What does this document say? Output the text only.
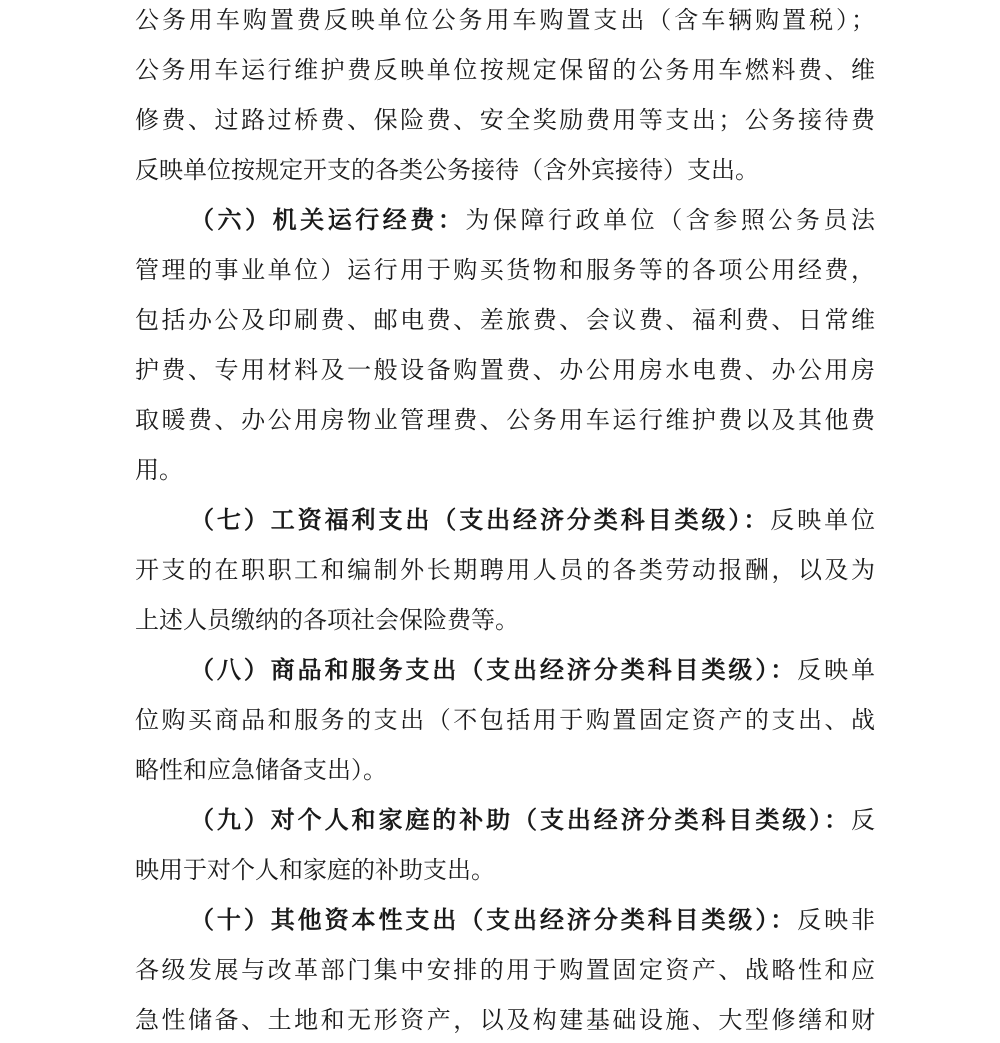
公务用车购置费反映单位公务用车购置支出（含车辆购置税）；
公务用车运行维护费反映单位按规定保留的公务用车燃料费、维
修费、过路过桥费、保险费、安全奖励费用等支出；公务接待费
反映单位按规定开支的各类公务接待（含外宾接待）支出。
（六）机关运行经费：为保障行政单位（含参照公务员法
管理的事业单位）运行用于购买货物和服务等的各项公用经费，
包括办公及印刷费、邮电费、差旅费、会议费、福利费、日常维
护费、专用材料及一般设备购置费、办公用房水电费、办公用房
取暖费、办公用房物业管理费、公务用车运行维护费以及其他费
用。
（七）工资福利支出（支出经济分类科目类级）：反映单位
开支的在职职工和编制外长期聘用人员的各类劳动报酬，以及为
上述人员缴纳的各项社会保险费等。
（八）商品和服务支出（支出经济分类科目类级）：反映单
位购买商品和服务的支出（不包括用于购置固定资产的支出、战
略性和应急储备支出）。
（九）对个人和家庭的补助（支出经济分类科目类级）：反
映用于对个人和家庭的补助支出。
（十）其他资本性支出（支出经济分类科目类级）：反映非
各级发展与改革部门集中安排的用于购置固定资产、战略性和应
急性储备、土地和无形资产，以及构建基础设施、大型修缮和财
